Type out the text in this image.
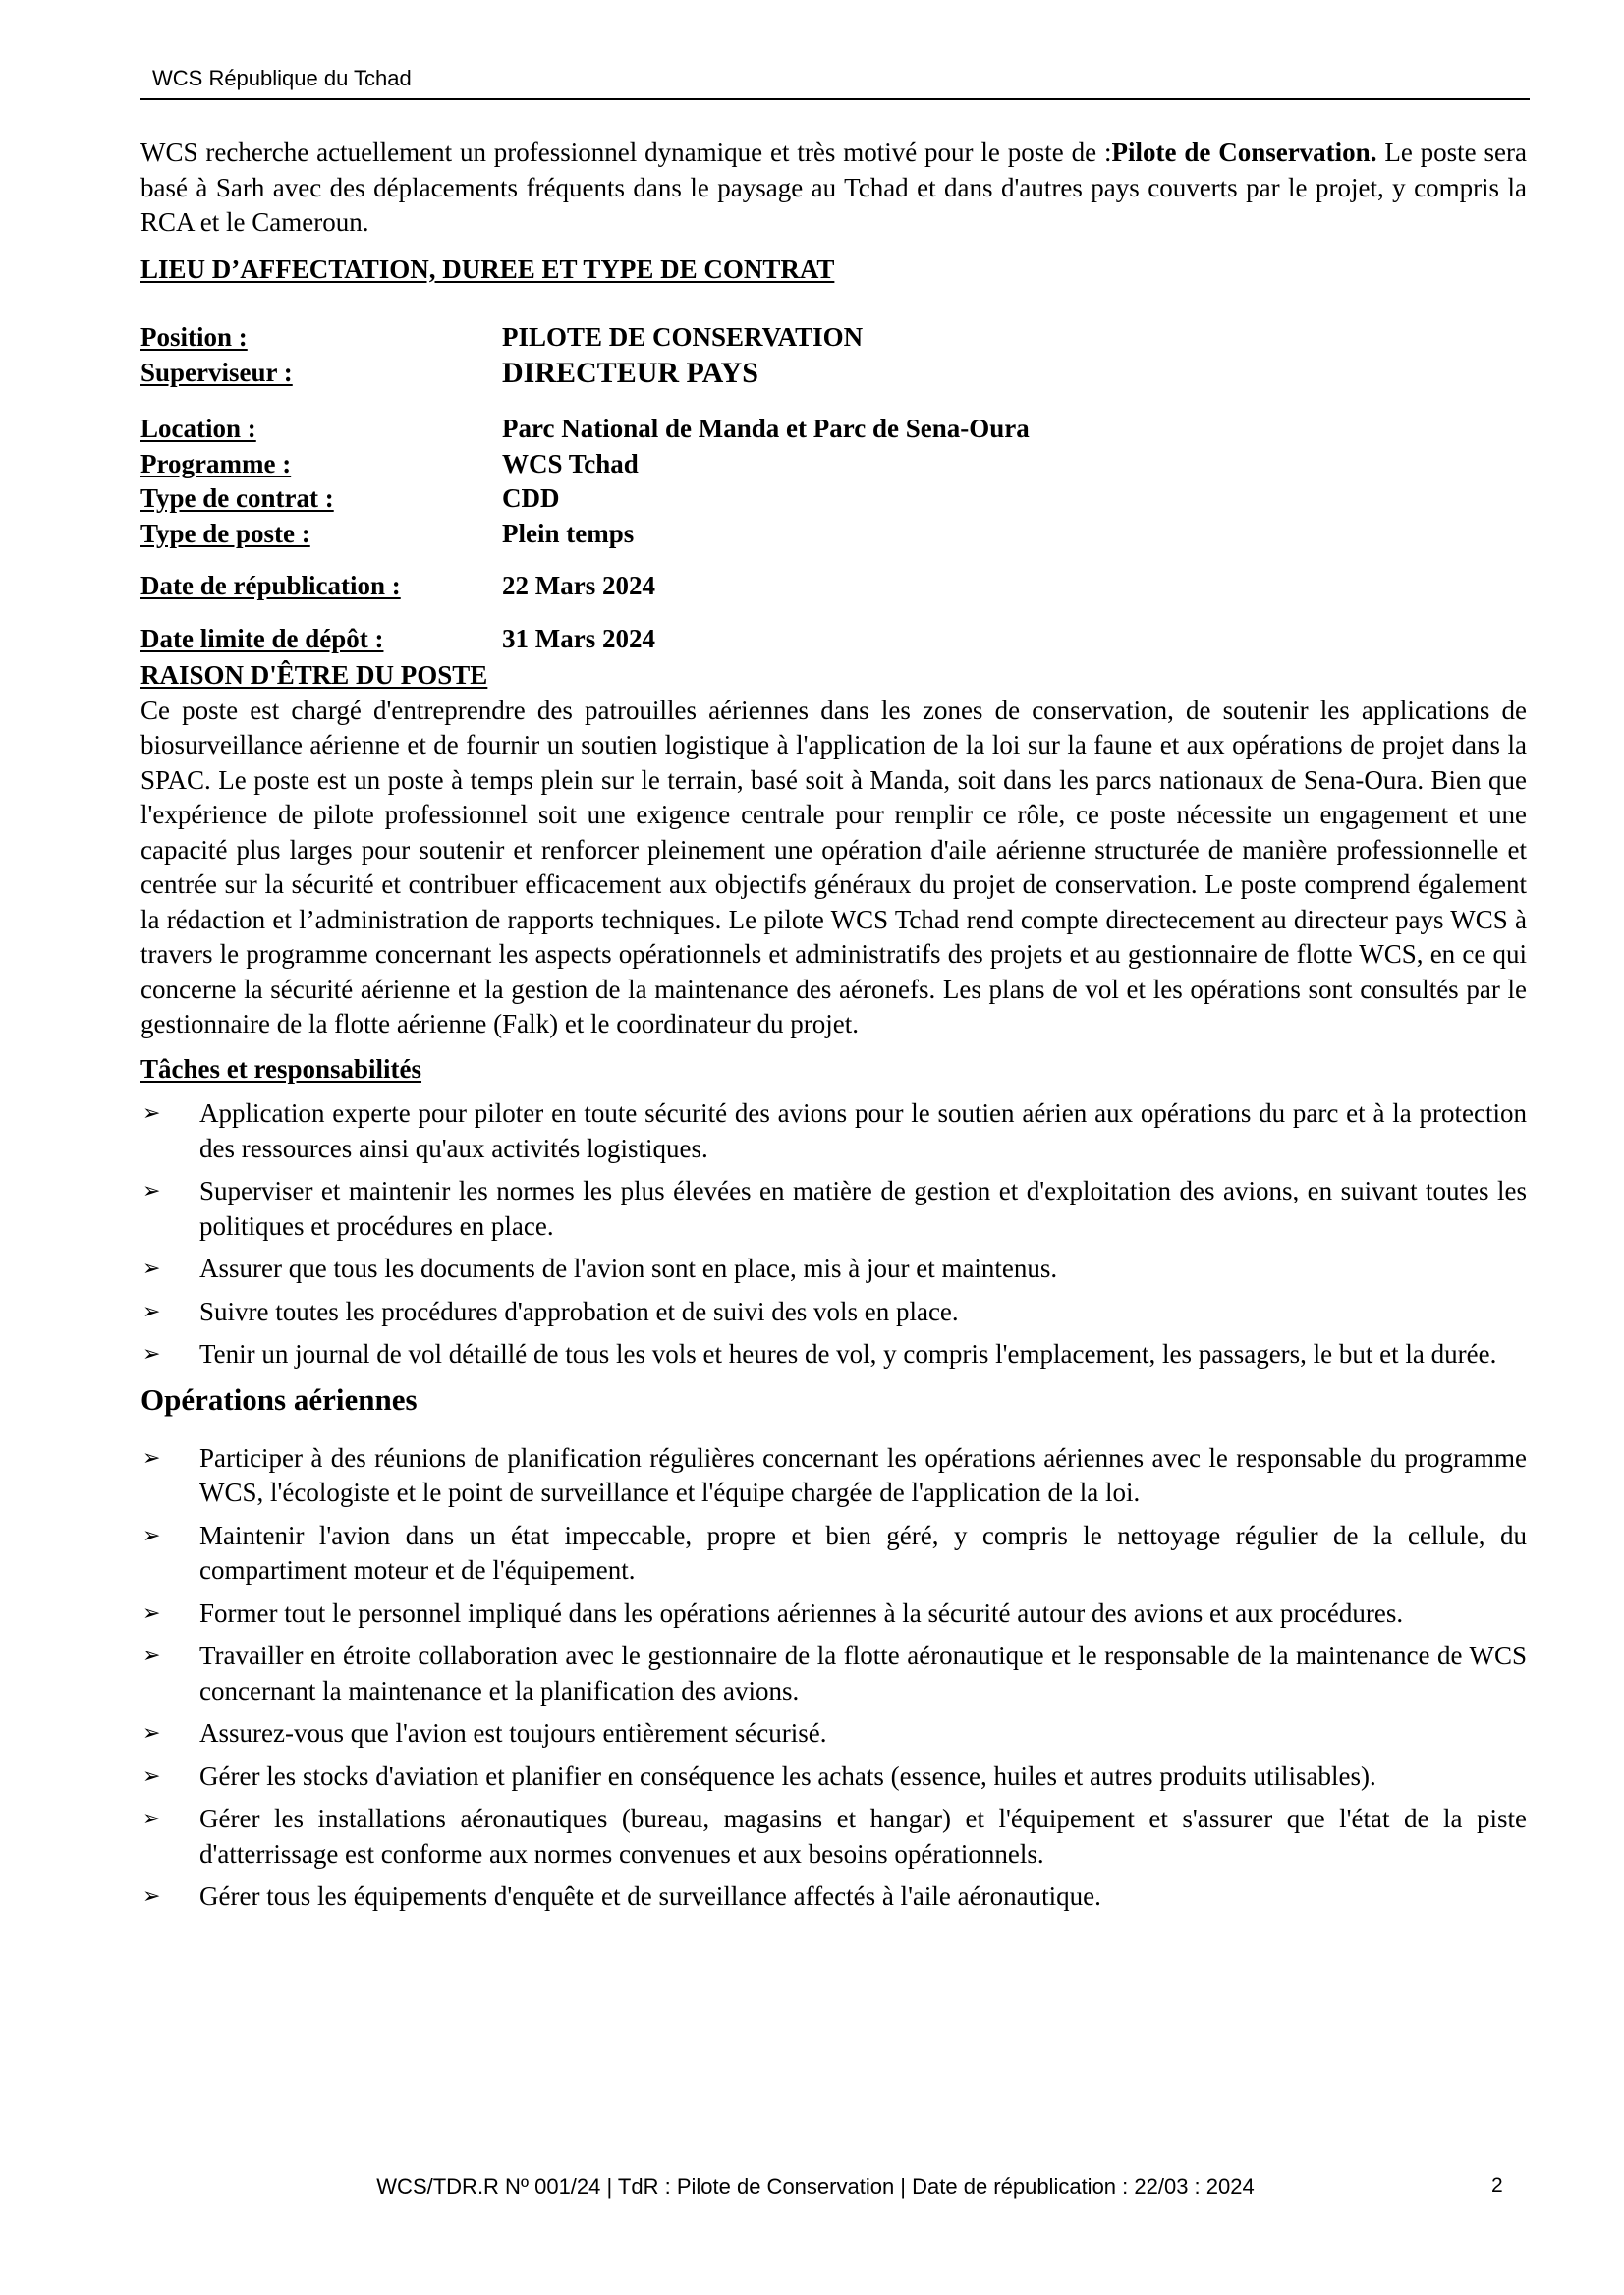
WCS République du Tchad

WCS recherche actuellement un professionnel dynamique et très motivé pour le poste de :Pilote de Conservation. Le poste sera basé à Sarh avec des déplacements fréquents dans le paysage au Tchad et dans d'autres pays couverts par le projet, y compris la RCA et le Cameroun.

LIEU D’AFFECTATION, DUREE ET TYPE DE CONTRAT

Position :	PILOTE DE CONSERVATION
Superviseur :	DIRECTEUR PAYS
Location :	Parc National de Manda et Parc de Sena-Oura
Programme :	WCS Tchad
Type de contrat :	CDD
Type de poste :	Plein temps
Date de républication :	22 Mars 2024
Date limite de dépôt :	31 Mars 2024

RAISON D'ÊTRE DU POSTE

Ce poste est chargé d'entreprendre des patrouilles aériennes dans les zones de conservation, de soutenir les applications de biosurveillance aérienne et de fournir un soutien logistique à l'application de la loi sur la faune et aux opérations de projet dans la SPAC. Le poste est un poste à temps plein sur le terrain, basé soit à Manda, soit dans les parcs nationaux de Sena-Oura. Bien que l'expérience de pilote professionnel soit une exigence centrale pour remplir ce rôle, ce poste nécessite un engagement et une capacité plus larges pour soutenir et renforcer pleinement une opération d'aile aérienne structurée de manière professionnelle et centrée sur la sécurité et contribuer efficacement aux objectifs généraux du projet de conservation. Le poste comprend également la rédaction et l’administration de rapports techniques. Le pilote WCS Tchad rend compte directecement au directeur pays WCS à travers le programme concernant les aspects opérationnels et administratifs des projets et au gestionnaire de flotte WCS, en ce qui concerne la sécurité aérienne et la gestion de la maintenance des aéronefs. Les plans de vol et les opérations sont consultés par le gestionnaire de la flotte aérienne (Falk) et le coordinateur du projet.

Tâches et responsabilités

➢	Application experte pour piloter en toute sécurité des avions pour le soutien aérien aux opérations du parc et à la protection des ressources ainsi qu'aux activités logistiques.
➢	Superviser et maintenir les normes les plus élevées en matière de gestion et d'exploitation des avions, en suivant toutes les politiques et procédures en place.
➢	Assurer que tous les documents de l'avion sont en place, mis à jour et maintenus.
➢	Suivre toutes les procédures d'approbation et de suivi des vols en place.
➢	Tenir un journal de vol détaillé de tous les vols et heures de vol, y compris l'emplacement, les passagers, le but et la durée.

Opérations aériennes

➢	Participer à des réunions de planification régulières concernant les opérations aériennes avec le responsable du programme WCS, l'écologiste et le point de surveillance et l'équipe chargée de l'application de la loi.
➢	Maintenir l'avion dans un état impeccable, propre et bien géré, y compris le nettoyage régulier de la cellule, du compartiment moteur et de l'équipement.
➢	Former tout le personnel impliqué dans les opérations aériennes à la sécurité autour des avions et aux procédures.
➢	Travailler en étroite collaboration avec le gestionnaire de la flotte aéronautique et le responsable de la maintenance de WCS concernant la maintenance et la planification des avions.
➢	Assurez-vous que l'avion est toujours entièrement sécurisé.
➢	Gérer les stocks d'aviation et planifier en conséquence les achats (essence, huiles et autres produits utilisables).
➢	Gérer les installations aéronautiques (bureau, magasins et hangar) et l'équipement et s'assurer que l'état de la piste d'atterrissage est conforme aux normes convenues et aux besoins opérationnels.
➢	Gérer tous les équipements d'enquête et de surveillance affectés à l'aile aéronautique.
WCS/TDR.R Nº 001/24 | TdR : Pilote de Conservation | Date de républication : 22/03 : 2024	2
